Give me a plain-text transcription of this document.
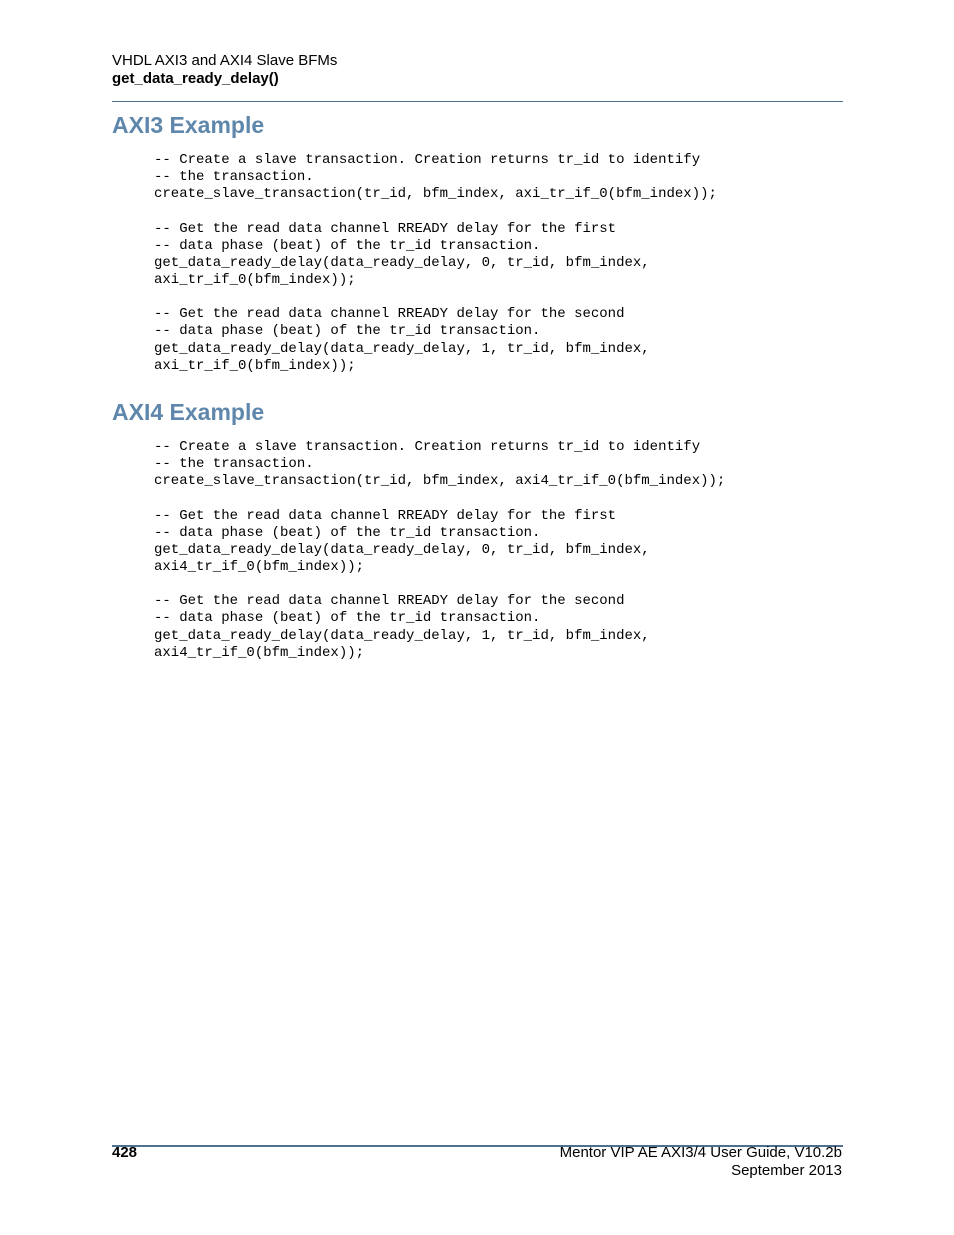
VHDL AXI3 and AXI4 Slave BFMs
get_data_ready_delay()
AXI3 Example
-- Create a slave transaction. Creation returns tr_id to identify
-- the transaction.
create_slave_transaction(tr_id, bfm_index, axi_tr_if_0(bfm_index));
-- Get the read data channel RREADY delay for the first
-- data phase (beat) of the tr_id transaction.
get_data_ready_delay(data_ready_delay, 0, tr_id, bfm_index,
axi_tr_if_0(bfm_index));
-- Get the read data channel RREADY delay for the second
-- data phase (beat) of the tr_id transaction.
get_data_ready_delay(data_ready_delay, 1, tr_id, bfm_index,
axi_tr_if_0(bfm_index));
AXI4 Example
-- Create a slave transaction. Creation returns tr_id to identify
-- the transaction.
create_slave_transaction(tr_id, bfm_index, axi4_tr_if_0(bfm_index));
-- Get the read data channel RREADY delay for the first
-- data phase (beat) of the tr_id transaction.
get_data_ready_delay(data_ready_delay, 0, tr_id, bfm_index,
axi4_tr_if_0(bfm_index));
-- Get the read data channel RREADY delay for the second
-- data phase (beat) of the tr_id transaction.
get_data_ready_delay(data_ready_delay, 1, tr_id, bfm_index,
axi4_tr_if_0(bfm_index));
428	Mentor VIP AE AXI3/4 User Guide, V10.2b
September 2013
